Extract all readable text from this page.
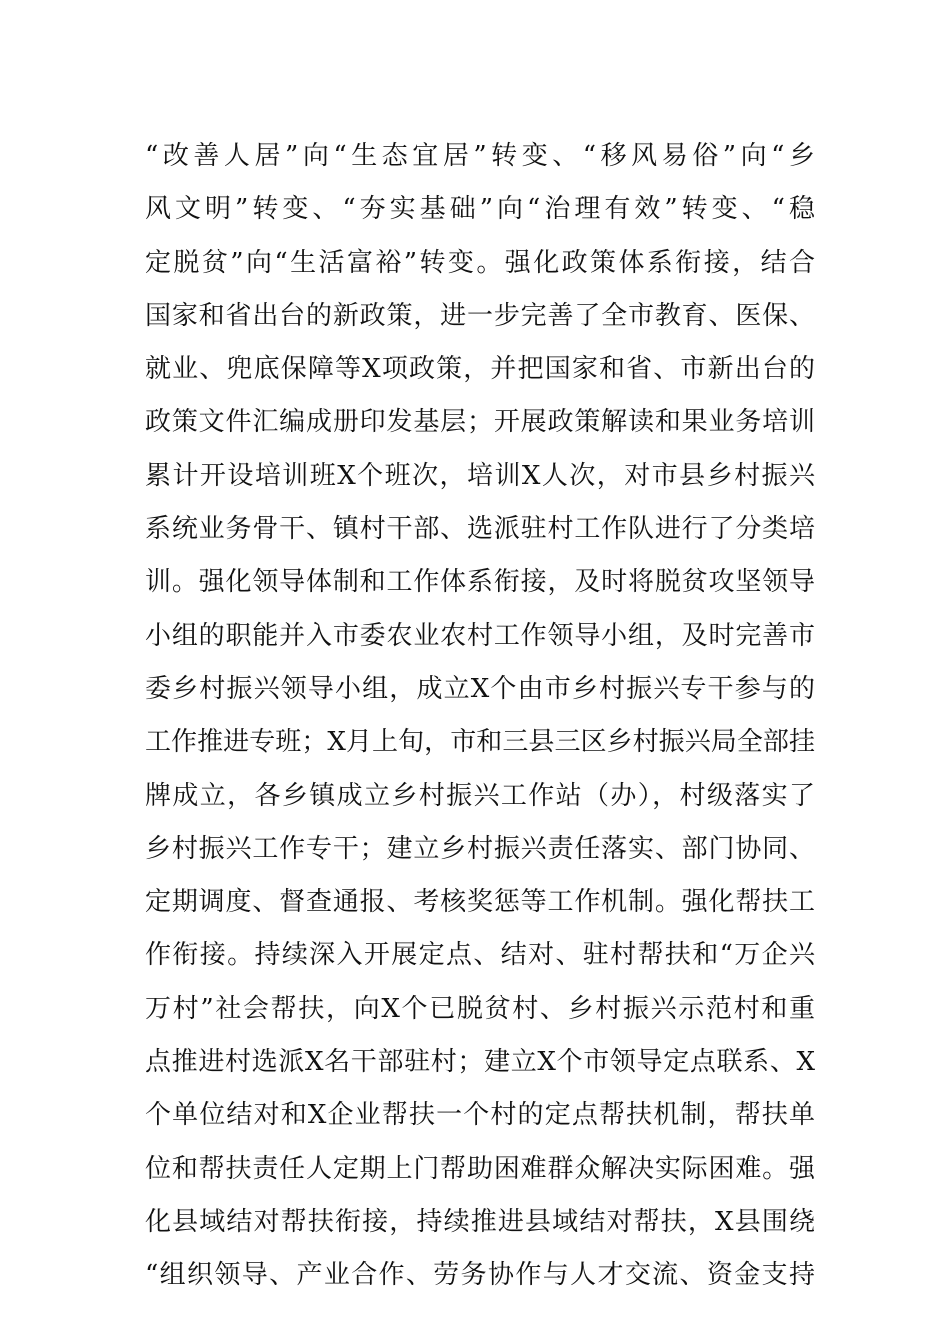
“改善人居”向“生态宜居”转变、“移风易俗”向“乡
风文明”转变、“夯实基础”向“治理有效”转变、“稳
定脱贫”向“生活富裕”转变。强化政策体系衔接，结合
国家和省出台的新政策，进一步完善了全市教育、医保、
就业、兜底保障等X项政策，并把国家和省、市新出台的
政策文件汇编成册印发基层；开展政策解读和果业务培训
累计开设培训班X个班次，培训X人次，对市县乡村振兴
系统业务骨干、镇村干部、选派驻村工作队进行了分类培
训。强化领导体制和工作体系衔接，及时将脱贫攻坚领导
小组的职能并入市委农业农村工作领导小组，及时完善市
委乡村振兴领导小组，成立X个由市乡村振兴专干参与的
工作推进专班；X月上旬，市和三县三区乡村振兴局全部挂
牌成立，各乡镇成立乡村振兴工作站（办），村级落实了
乡村振兴工作专干；建立乡村振兴责任落实、部门协同、
定期调度、督查通报、考核奖惩等工作机制。强化帮扶工
作衔接。持续深入开展定点、结对、驻村帮扶和“万企兴
万村”社会帮扶，向X个已脱贫村、乡村振兴示范村和重
点推进村选派X名干部驻村；建立X个市领导定点联系、X
个单位结对和X企业帮扶一个村的定点帮扶机制，帮扶单
位和帮扶责任人定期上门帮助困难群众解决实际困难。强
化县域结对帮扶衔接，持续推进县域结对帮扶，X县围绕
“组织领导、产业合作、劳务协作与人才交流、资金支持
